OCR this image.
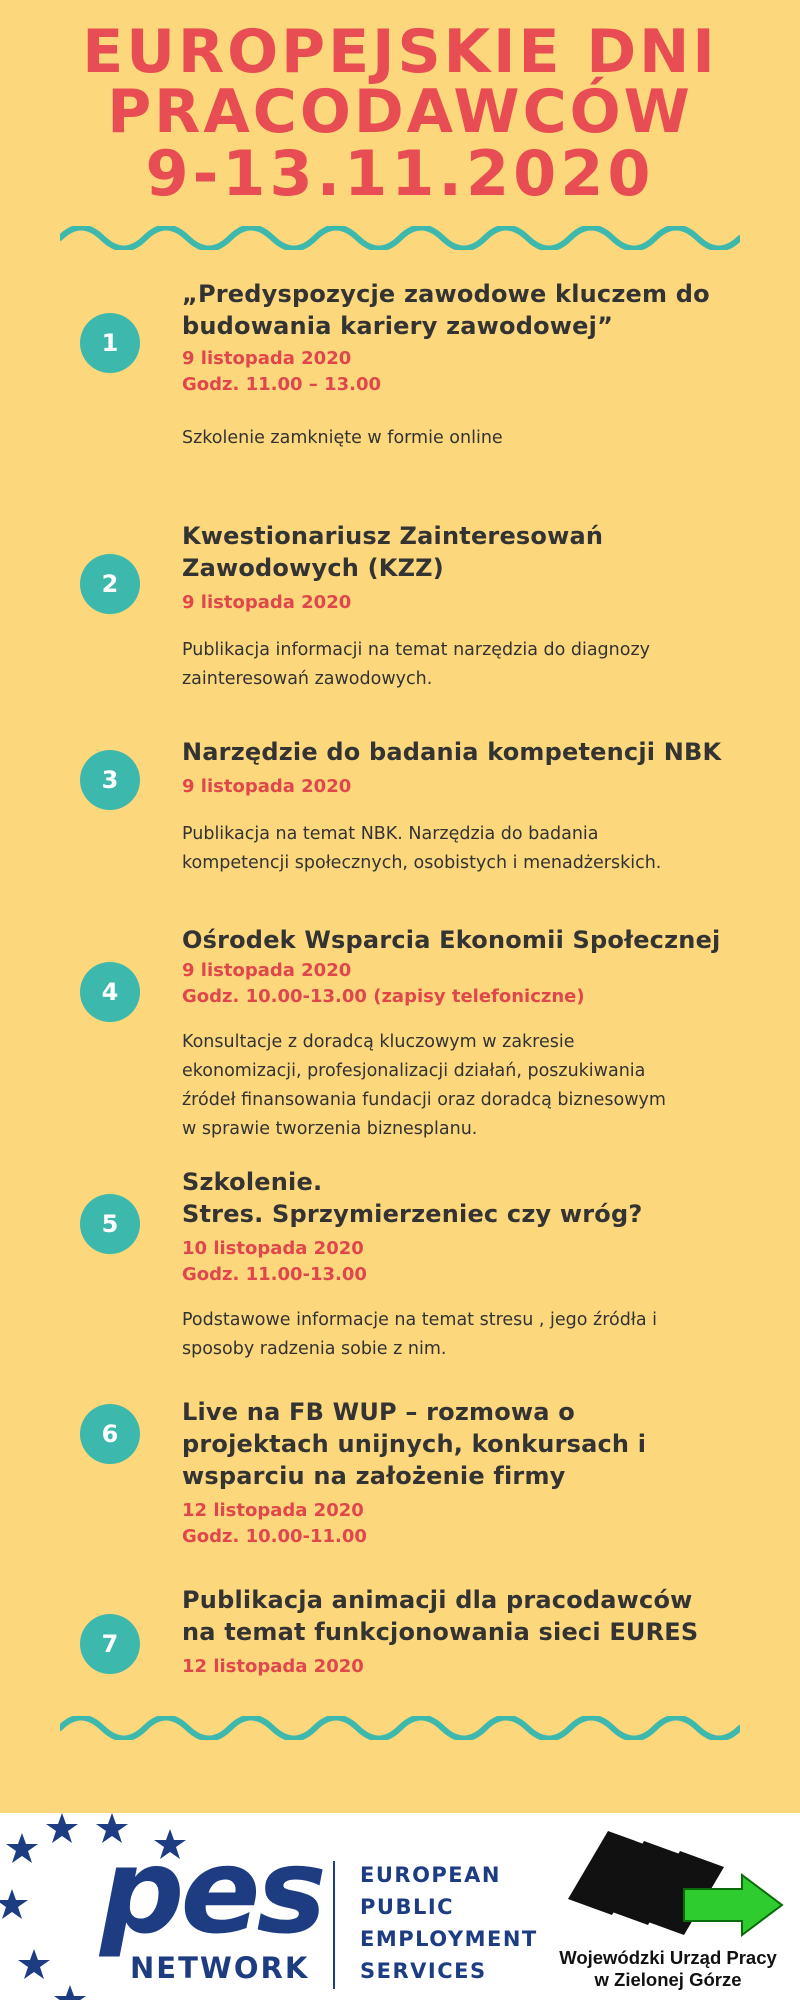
EUROPEJSKIE DNI
PRACODAWCÓW
9-13.11.2020
1
„Predyspozycje zawodowe kluczem do
budowania kariery zawodowej”
9 listopada 2020
Godz. 11.00 – 13.00
Szkolenie zamknięte w formie online
2
Kwestionariusz Zainteresowań
Zawodowych (KZZ)
9 listopada 2020
Publikacja informacji na temat narzędzia do diagnozy
zainteresowań zawodowych.
3
Narzędzie do badania kompetencji NBK
9 listopada 2020
Publikacja na temat NBK. Narzędzia do badania
kompetencji społecznych, osobistych i menadżerskich.
4
Ośrodek Wsparcia Ekonomii Społecznej
9 listopada 2020
Godz. 10.00-13.00 (zapisy telefoniczne)
Konsultacje z doradcą kluczowym w zakresie
ekonomizacji, profesjonalizacji działań, poszukiwania
źródeł finansowania fundacji oraz doradcą biznesowym
w sprawie tworzenia biznesplanu.
5
Szkolenie.
Stres. Sprzymierzeniec czy wróg?
10 listopada 2020
Godz. 11.00-13.00
Podstawowe informacje na temat stresu , jego źródła i
sposoby radzenia sobie z nim.
6
Live na FB WUP – rozmowa o
projektach unijnych, konkursach i
wsparciu na założenie firmy
12 listopada 2020
Godz. 10.00-11.00
7
Publikacja animacji dla pracodawców
na temat funkcjonowania sieci EURES
12 listopada 2020
pes
NETWORK
EUROPEAN
PUBLIC
EMPLOYMENT
SERVICES
Wojewódzki Urząd Pracy
w Zielonej Górze
